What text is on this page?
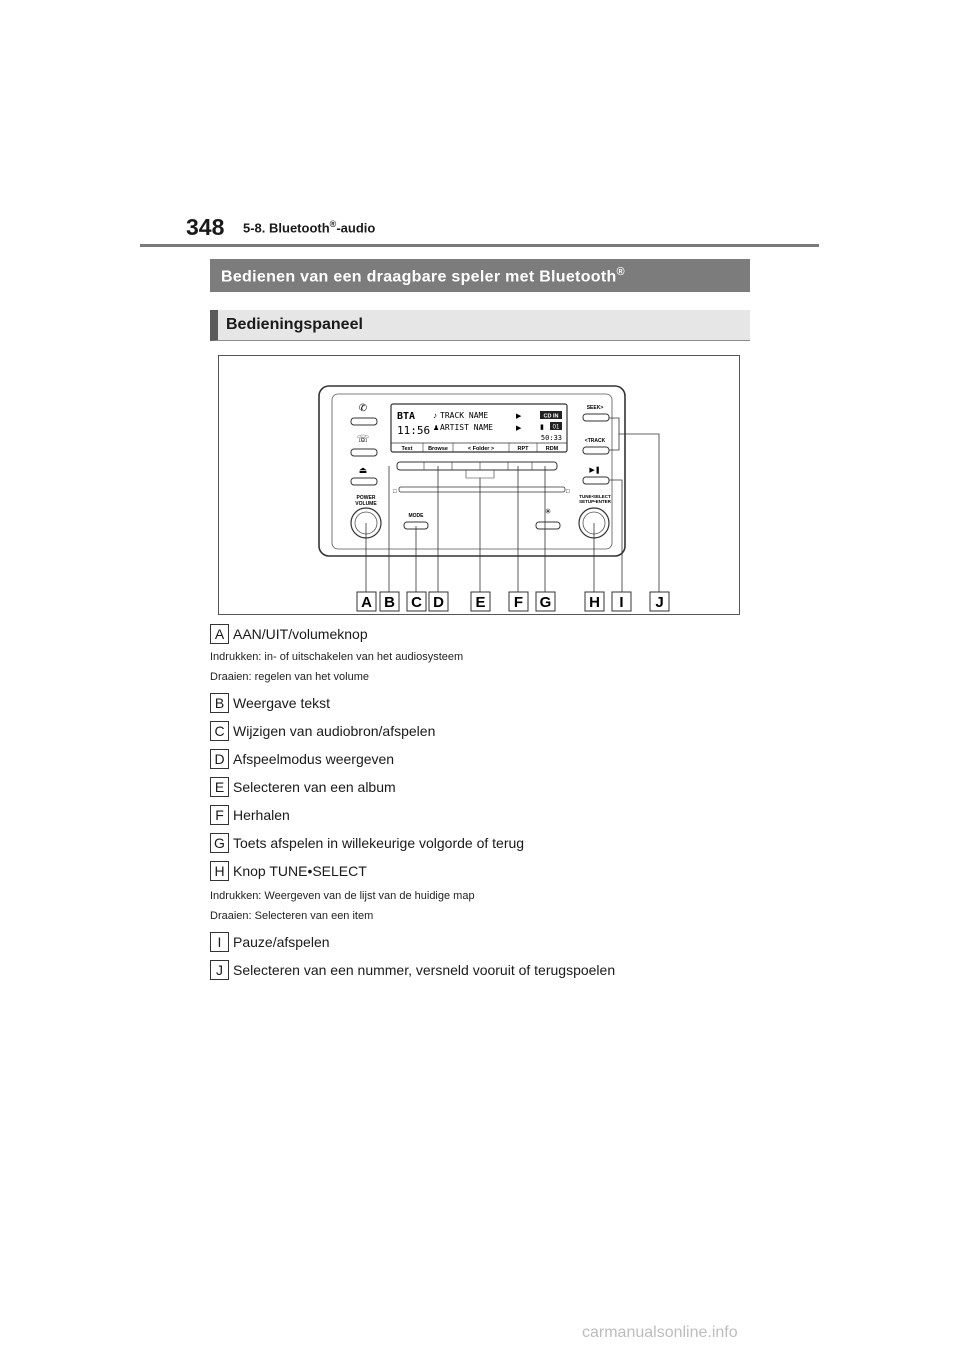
348 5-8. Bluetooth®-audio
Bedienen van een draagbare speler met Bluetooth®
Bedieningspaneel
✆
☏
⏏
POWER
VOLUME
BTA
11:56
♪ TRACK NAME	▶
♟ ARTIST NAME	▶
CD IN
▮ 01
50:33
Text	Browse	< Folder >	RPT	RDM
□	□
MODE	✳
SEEK>
<TRACK
▶❚
TUNE•SELECT
SETUP•ENTER
A B C D E F G	H I J
A AAN/UIT/volumeknop
Indrukken: in- of uitschakelen van het audiosysteem
Draaien: regelen van het volume
B Weergave tekst
C Wijzigen van audiobron/afspelen
D Afspeelmodus weergeven
E Selecteren van een album
F Herhalen
G Toets afspelen in willekeurige volgorde of terug
H Knop TUNE•SELECT
Indrukken: Weergeven van de lijst van de huidige map
Draaien: Selecteren van een item
I Pauze/afspelen
J Selecteren van een nummer, versneld vooruit of terugspoelen
carmanualsonline.info
